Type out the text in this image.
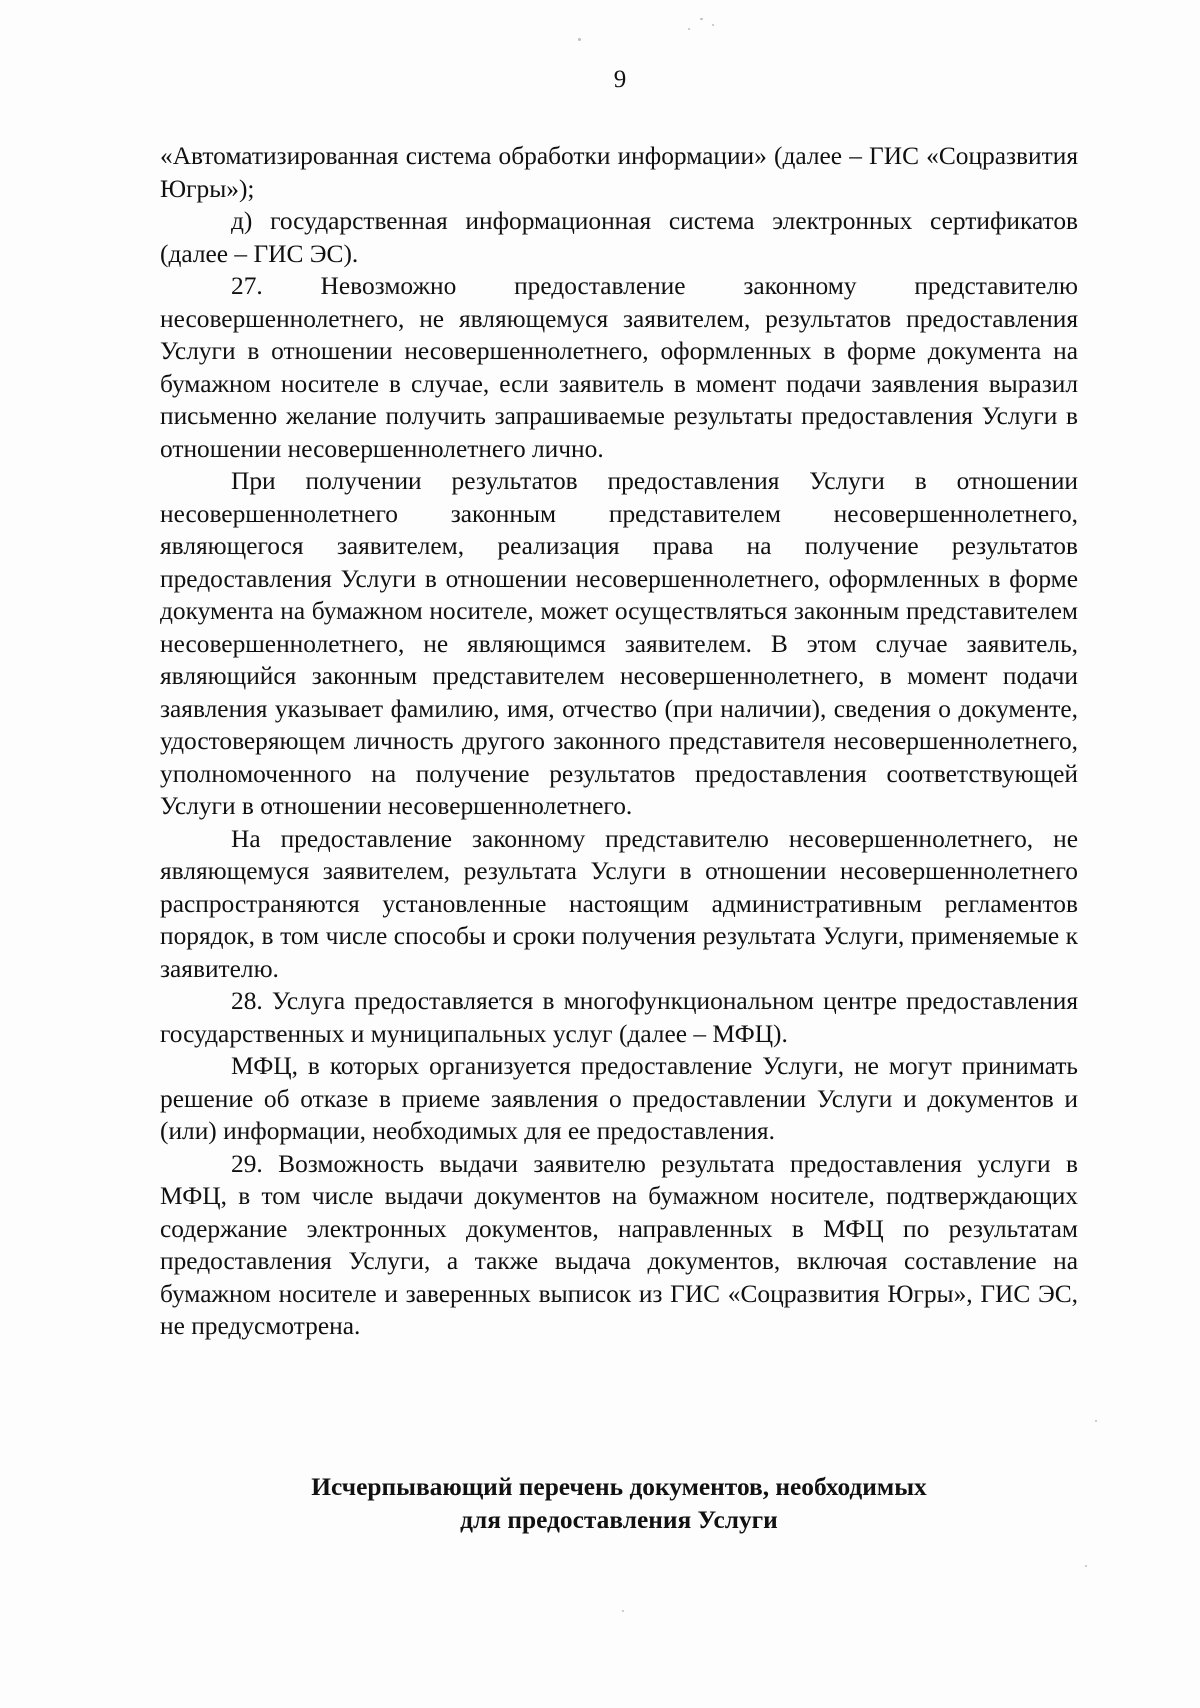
9

«Автоматизированная система обработки информации» (далее – ГИС «Соцразвития Югры»);

д) государственная информационная система электронных сертификатов (далее – ГИС ЭС).

27. Невозможно предоставление законному представителю несовершеннолетнего, не являющемуся заявителем, результатов предоставления Услуги в отношении несовершеннолетнего, оформленных в форме документа на бумажном носителе в случае, если заявитель в момент подачи заявления выразил письменно желание получить запрашиваемые результаты предоставления Услуги в отношении несовершеннолетнего лично.

При получении результатов предоставления Услуги в отношении несовершеннолетнего законным представителем несовершеннолетнего, являющегося заявителем, реализация права на получение результатов предоставления Услуги в отношении несовершеннолетнего, оформленных в форме документа на бумажном носителе, может осуществляться законным представителем несовершеннолетнего, не являющимся заявителем. В этом случае заявитель, являющийся законным представителем несовершеннолетнего, в момент подачи заявления указывает фамилию, имя, отчество (при наличии), сведения о документе, удостоверяющем личность другого законного представителя несовершеннолетнего, уполномоченного на получение результатов предоставления соответствующей Услуги в отношении несовершеннолетнего.

На предоставление законному представителю несовершеннолетнего, не являющемуся заявителем, результата Услуги в отношении несовершеннолетнего распространяются установленные настоящим административным регламентов порядок, в том числе способы и сроки получения результата Услуги, применяемые к заявителю.

28. Услуга предоставляется в многофункциональном центре предоставления государственных и муниципальных услуг (далее – МФЦ).

МФЦ, в которых организуется предоставление Услуги, не могут принимать решение об отказе в приеме заявления о предоставлении Услуги и документов и (или) информации, необходимых для ее предоставления.

29. Возможность выдачи заявителю результата предоставления услуги в МФЦ, в том числе выдачи документов на бумажном носителе, подтверждающих содержание электронных документов, направленных в МФЦ по результатам предоставления Услуги, а также выдача документов, включая составление на бумажном носителе и заверенных выписок из ГИС «Соцразвития Югры», ГИС ЭС, не предусмотрена.

Исчерпывающий перечень документов, необходимых
для предоставления Услуги
